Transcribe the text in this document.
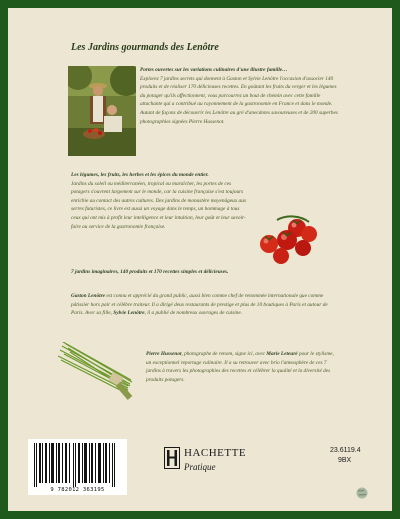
Les Jardins gourmands des Lenôtre

Portes ouvertes sur les variations culinaires d'une illustre famille…

Explorez 7 jardins secrets qui donnent à Gaston et Sylvie Lenôtre l'occasion d'associer 140 produits et de réaliser 170 délicieuses recettes. En goûtant les fruits du verger et les légumes du potager qu'ils affectionnent, vous parcourrez un bout de chemin avec cette famille attachante qui a contribué au rayonnement de la gastronomie en France et dans le monde. Autant de façons de découvrir les Lenôtre au gré d'anecdotes savoureuses et de 200 superbes photographies signées Pierre Hussenot.

Les légumes, les fruits, les herbes et les épices du monde entier.

Jardins du soleil ou méditerranéen, tropical ou maraîcher, les portes de ces potagers s'ouvrent largement sur le monde, car la cuisine française s'est toujours enrichie au contact des autres cultures. Des jardins de monastère moyenâgeux aux serres futuristes, ce livre est aussi un voyage dans le temps, un hommage à tous ceux qui ont mis à profit leur intelligence et leur intuition, leur goût et leur savoir-faire au service de la gastronomie française.

7 jardins imaginaires, 140 produits et 170 recettes simples et délicieuses.

Gaston Lenôtre est connu et apprécié du grand public, aussi bien comme chef de renommée internationale que comme pâtissier hors pair et célèbre traiteur. Il a dirigé deux restaurants de prestige et plus de 10 boutiques à Paris et autour de Paris. Avec sa fille, Sylvie Lenôtre, il a publié de nombreux ouvrages de cuisine.

Pierre Hussenot, photographe de renom, signe ici, avec Marie Leteuré pour le stylisme, un exceptionnel reportage culinaire. Il a su retrouver avec brio l'atmosphère de ces 7 jardins à travers les photographies des recettes et célébrer la qualité et la diversité des produits potagers.

9 782012 363195
HACHETTE
Pratique
23.6119.4
9BX
